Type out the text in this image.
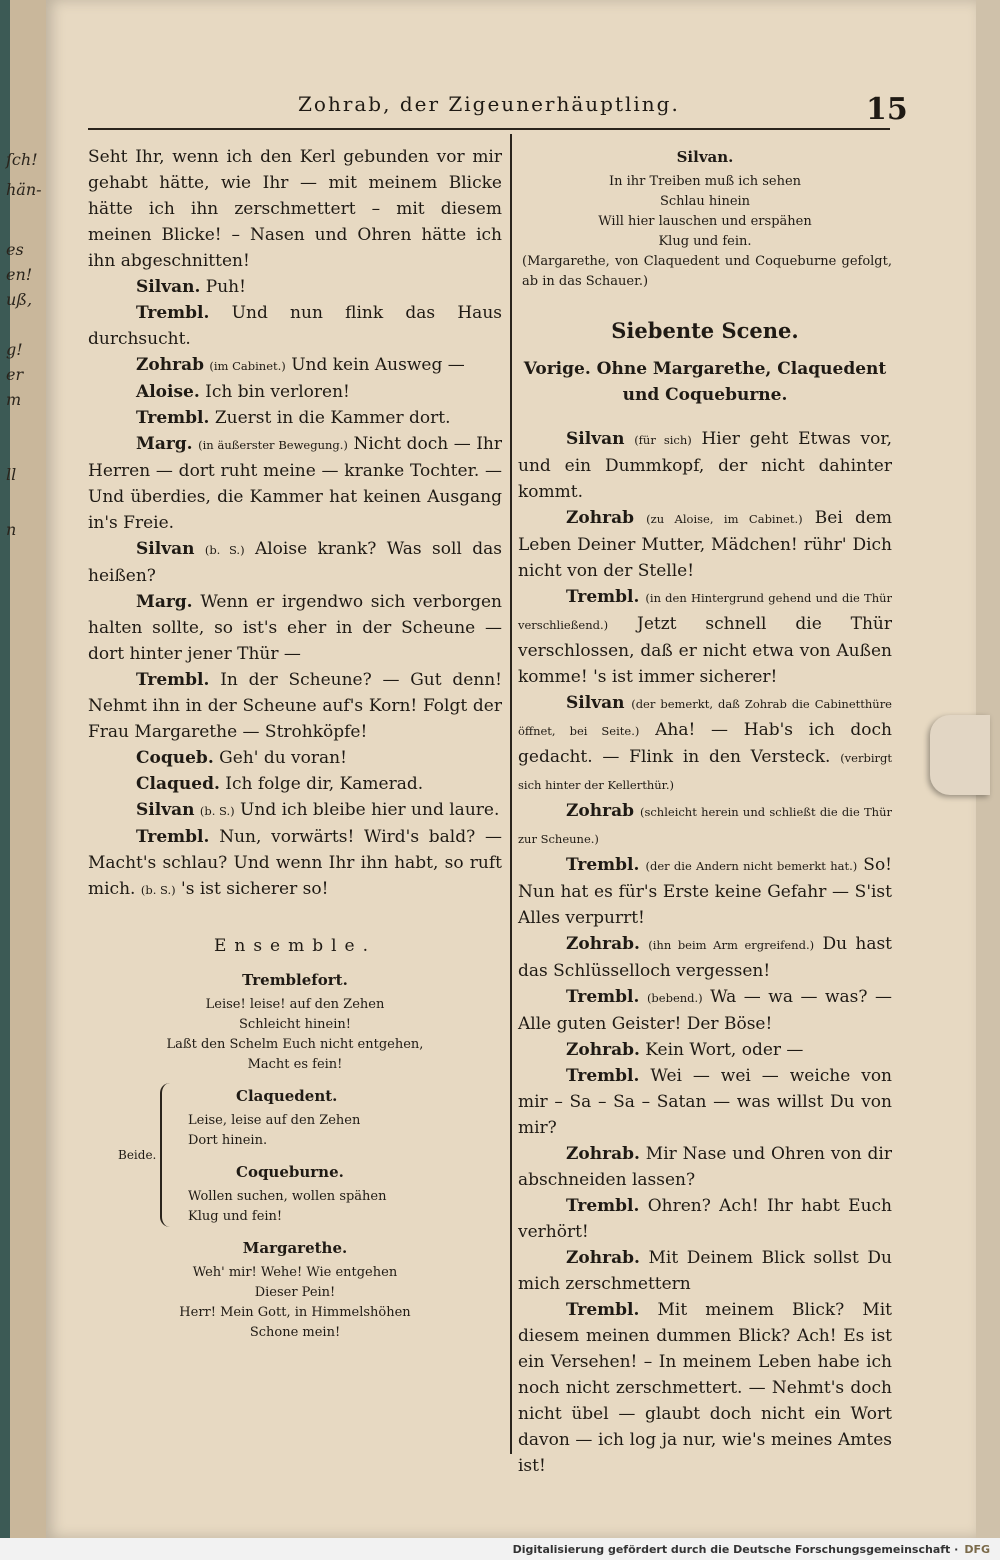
ſch!
hän-
es
en!
uß,
g!
er
m
ll
n
Zohrab, der Zigeunerhäuptling.	15

Seht Ihr, wenn ich den Kerl gebunden vor mir gehabt hätte, wie Ihr — mit meinem Blicke hätte ich ihn zerschmettert – mit diesem meinen Blicke! – Nasen und Ohren hätte ich ihn abgeschnitten!

Silvan. Puh!

Trembl. Und nun flink das Haus durchsucht.

Zohrab (im Cabinet.) Und kein Ausweg —

Aloise. Ich bin verloren!

Trembl. Zuerst in die Kammer dort.

Marg. (in äußerster Bewegung.) Nicht doch — Ihr Herren — dort ruht meine — kranke Tochter. — Und überdies, die Kammer hat keinen Ausgang in's Freie.

Silvan (b. S.) Aloise krank? Was soll das heißen?

Marg. Wenn er irgendwo sich verborgen halten sollte, so ist's eher in der Scheune — dort hinter jener Thür —

Trembl. In der Scheune? — Gut denn! Nehmt ihn in der Scheune auf's Korn! Folgt der Frau Margarethe — Strohköpfe!

Coqueb. Geh' du voran!

Claqued. Ich folge dir, Kamerad.

Silvan (b. S.) Und ich bleibe hier und laure.

Trembl. Nun, vorwärts! Wird's bald? — Macht's schlau? Und wenn Ihr ihn habt, so ruft mich. (b. S.) 's ist sicherer so!

Ensemble.

Tremblefort.

Leise! leise! auf den Zehen

Schleicht hinein!

Laßt den Schelm Euch nicht entgehen,

Macht es fein!

Beide.

Claquedent.

Leise, leise auf den Zehen

Dort hinein.

Coqueburne.

Wollen suchen, wollen spähen

Klug und fein!

Margarethe.

Weh' mir! Wehe! Wie entgehen

Dieser Pein!

Herr! Mein Gott, in Himmelshöhen

Schone mein!

Silvan.

In ihr Treiben muß ich sehen

Schlau hinein

Will hier lauschen und erspähen

Klug und fein.

(Margarethe, von Claquedent und Coqueburne gefolgt, ab in das Schauer.)

Siebente Scene.

Vorige. Ohne Margarethe, Claquedent und Coqueburne.

Silvan (für sich) Hier geht Etwas vor, und ein Dummkopf, der nicht dahinter kommt.

Zohrab (zu Aloise, im Cabinet.) Bei dem Leben Deiner Mutter, Mädchen! rühr' Dich nicht von der Stelle!

Trembl. (in den Hintergrund gehend und die Thür verschließend.) Jetzt schnell die Thür verschlossen, daß er nicht etwa von Außen komme! 's ist immer sicherer!

Silvan (der bemerkt, daß Zohrab die Cabinetthüre öffnet, bei Seite.) Aha! — Hab's ich doch gedacht. — Flink in den Versteck. (verbirgt sich hinter der Kellerthür.)

Zohrab (schleicht herein und schließt die die Thür zur Scheune.)

Trembl. (der die Andern nicht bemerkt hat.) So! Nun hat es für's Erste keine Gefahr — S'ist Alles verpurrt!

Zohrab. (ihn beim Arm ergreifend.) Du hast das Schlüsselloch vergessen!

Trembl. (bebend.) Wa — wa — was? — Alle guten Geister! Der Böse!

Zohrab. Kein Wort, oder —

Trembl. Wei — wei — weiche von mir – Sa – Sa – Satan — was willst Du von mir?

Zohrab. Mir Nase und Ohren von dir abschneiden lassen?

Trembl. Ohren? Ach! Ihr habt Euch verhört!

Zohrab. Mit Deinem Blick sollst Du mich zerschmettern

Trembl. Mit meinem Blick? Mit diesem meinen dummen Blick? Ach! Es ist ein Versehen! – In meinem Leben habe ich noch nicht zerschmettert. — Nehmt's doch nicht übel — glaubt doch nicht ein Wort davon — ich log ja nur, wie's meines Amtes ist!

Digitalisierung gefördert durch die Deutsche Forschungsgemeinschaft · DFG
